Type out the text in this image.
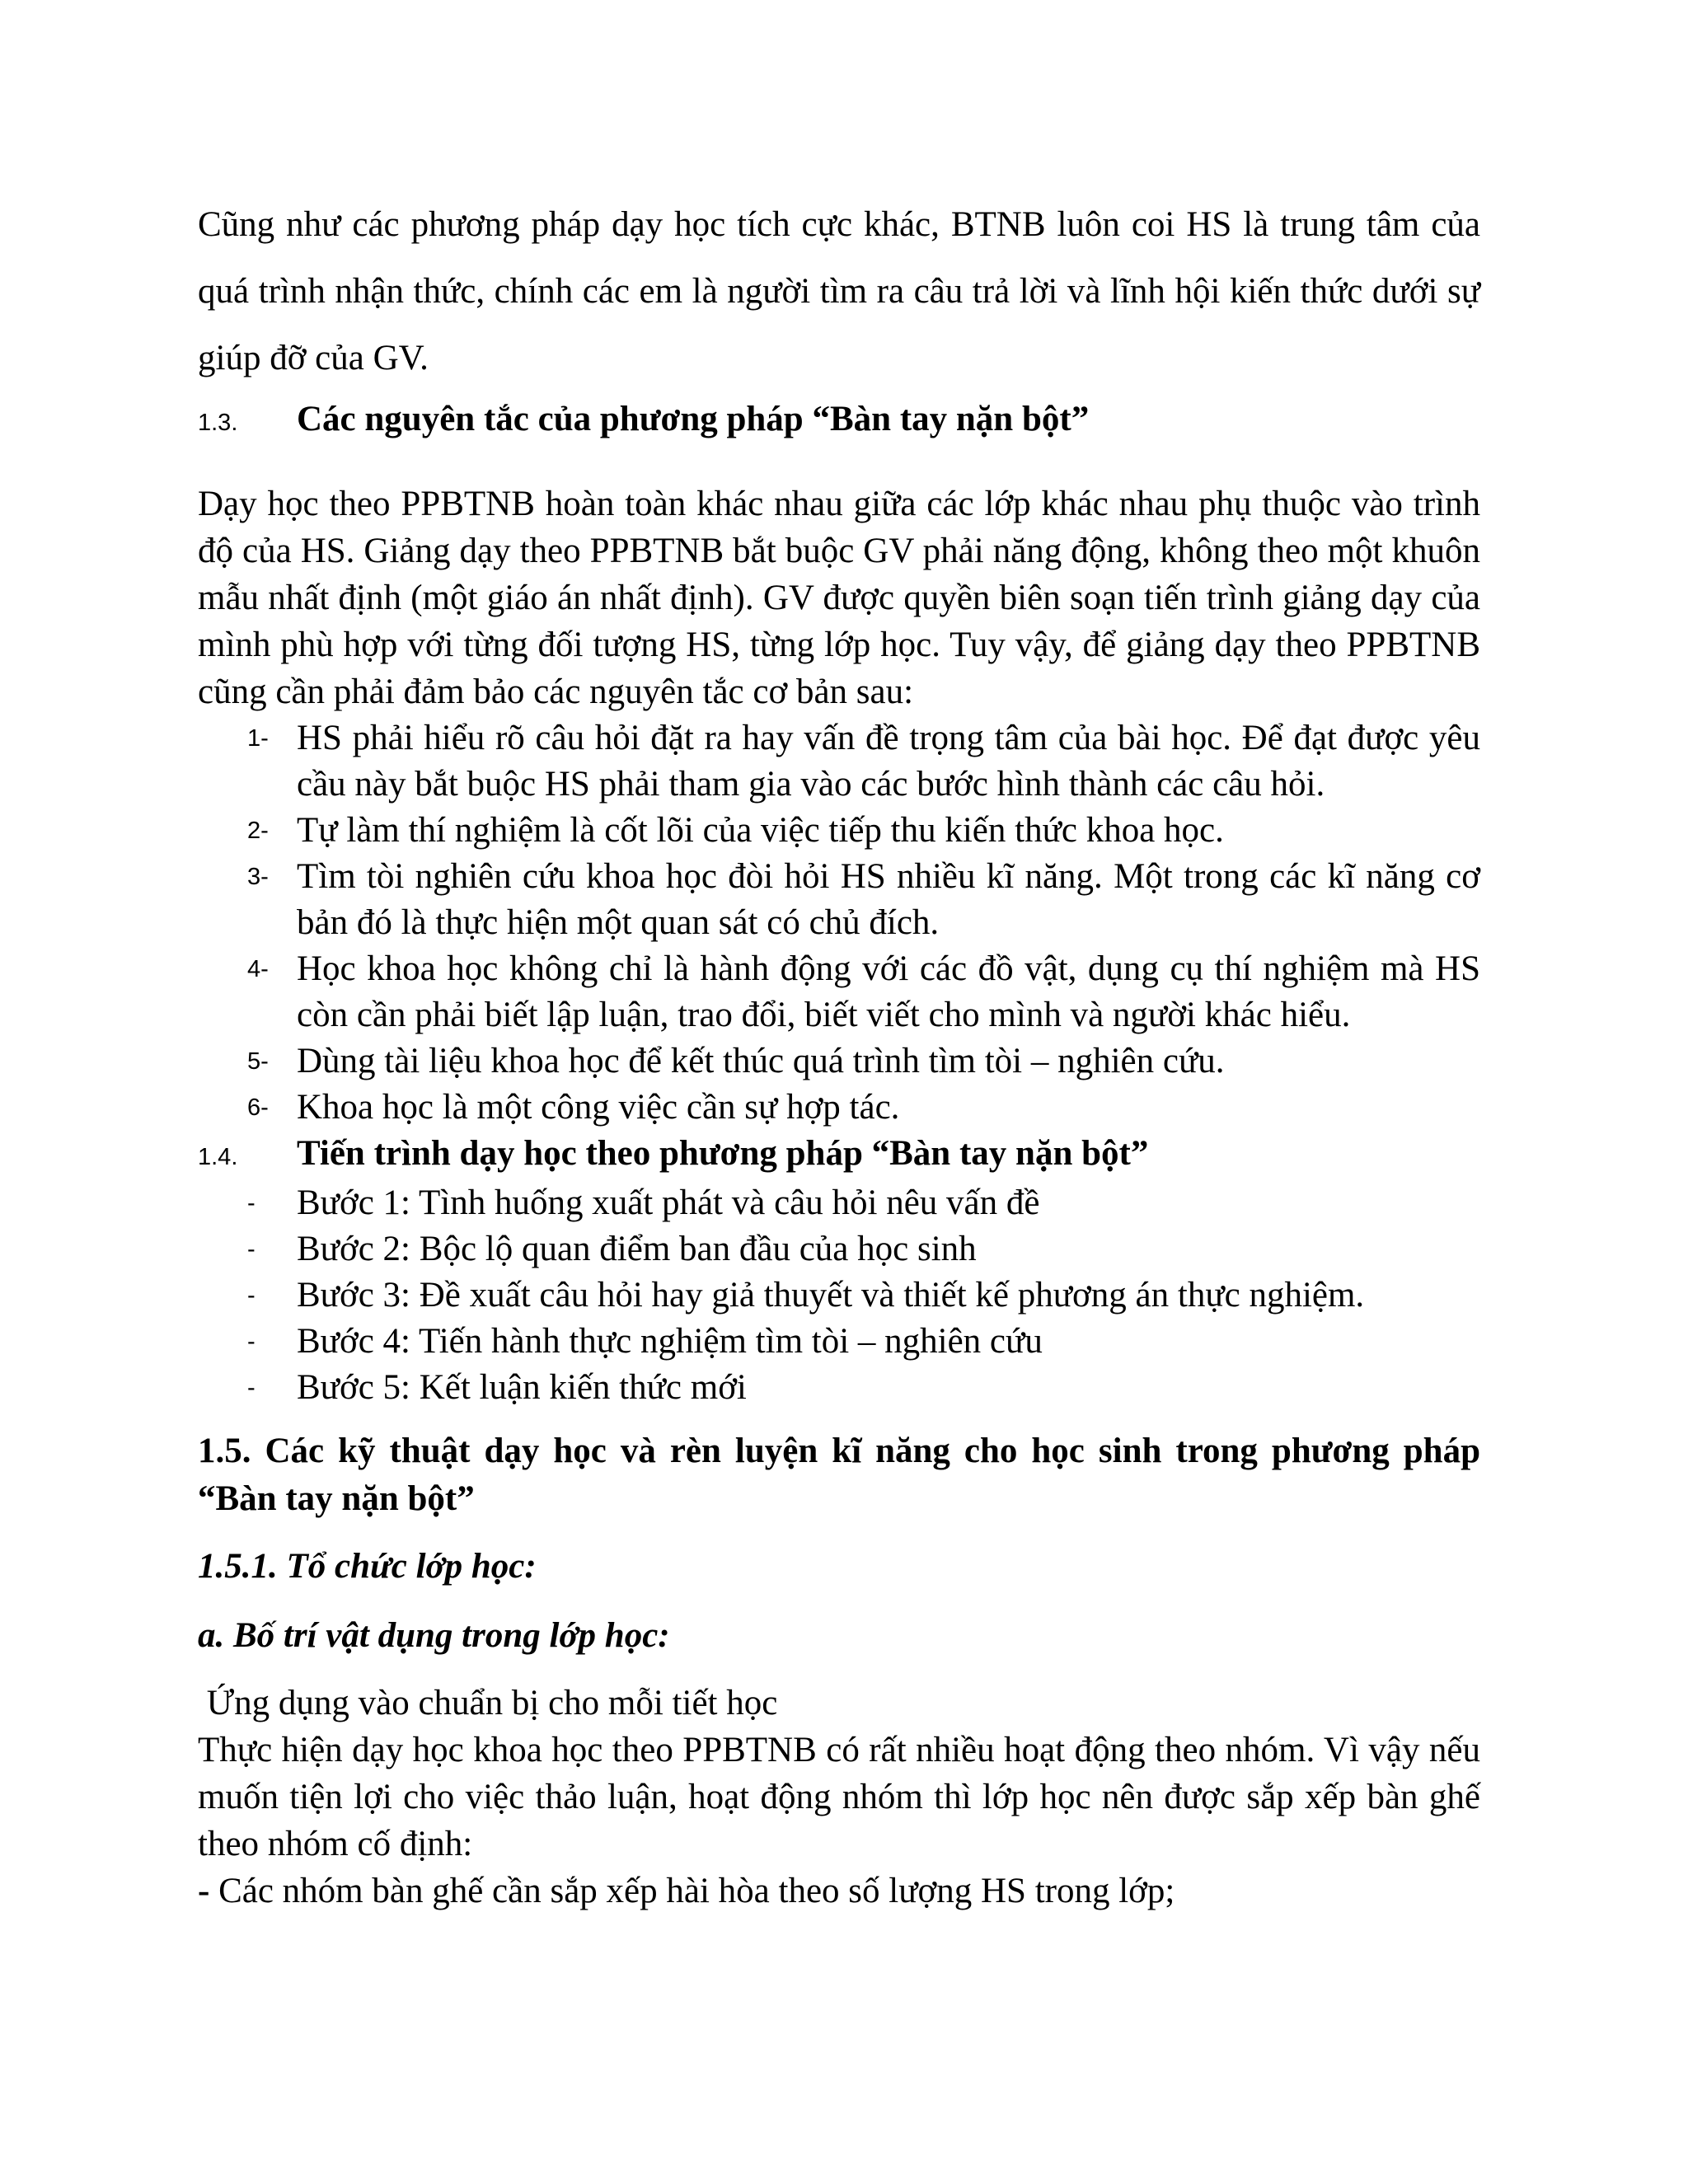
Cũng như các phương pháp dạy học tích cực khác, BTNB luôn coi HS là trung tâm của quá trình nhận thức, chính các em là người tìm ra câu trả lời và lĩnh hội kiến thức dưới sự giúp đỡ của GV.

1.3.	Các nguyên tắc của phương pháp “Bàn tay nặn bột”

Dạy học theo PPBTNB hoàn toàn khác nhau giữa các lớp khác nhau phụ thuộc vào trình độ của HS. Giảng dạy theo PPBTNB bắt buộc GV phải năng động, không theo một khuôn mẫu nhất định (một giáo án nhất định). GV được quyền biên soạn tiến trình giảng dạy của mình phù hợp với từng đối tượng HS, từng lớp học. Tuy vậy, để giảng dạy theo PPBTNB cũng cần phải đảm bảo các nguyên tắc cơ bản sau:

1- HS phải hiểu rõ câu hỏi đặt ra hay vấn đề trọng tâm của bài học. Để đạt được yêu cầu này bắt buộc HS phải tham gia vào các bước hình thành các câu hỏi.
2- Tự làm thí nghiệm là cốt lõi của việc tiếp thu kiến thức khoa học.
3- Tìm tòi nghiên cứu khoa học đòi hỏi HS nhiều kĩ năng. Một trong các kĩ năng cơ bản đó là thực hiện một quan sát có chủ đích.
4- Học khoa học không chỉ là hành động với các đồ vật, dụng cụ thí nghiệm mà HS còn cần phải biết lập luận, trao đổi, biết viết cho mình và người khác hiểu.
5- Dùng tài liệu khoa học để kết thúc quá trình tìm tòi – nghiên cứu.
6- Khoa học là một công việc cần sự hợp tác.
1.4.	Tiến trình dạy học theo phương pháp “Bàn tay nặn bột”
- Bước 1: Tình huống xuất phát và câu hỏi nêu vấn đề
- Bước 2: Bộc lộ quan điểm ban đầu của học sinh
- Bước 3: Đề xuất câu hỏi hay giả thuyết và thiết kế phương án thực nghiệm.
- Bước 4: Tiến hành thực nghiệm tìm tòi – nghiên cứu
- Bước 5: Kết luận kiến thức mới

1.5. Các kỹ thuật dạy học và rèn luyện kĩ năng cho học sinh trong phương pháp “Bàn tay nặn bột”

1.5.1. Tổ chức lớp học:

a. Bố trí vật dụng trong lớp học:

Ứng dụng vào chuẩn bị cho mỗi tiết học

Thực hiện dạy học khoa học theo PPBTNB có rất nhiều hoạt động theo nhóm. Vì vậy nếu muốn tiện lợi cho việc thảo luận, hoạt động nhóm thì lớp học nên được sắp xếp bàn ghế theo nhóm cố định:

- Các nhóm bàn ghế cần sắp xếp hài hòa theo số lượng HS trong lớp;
